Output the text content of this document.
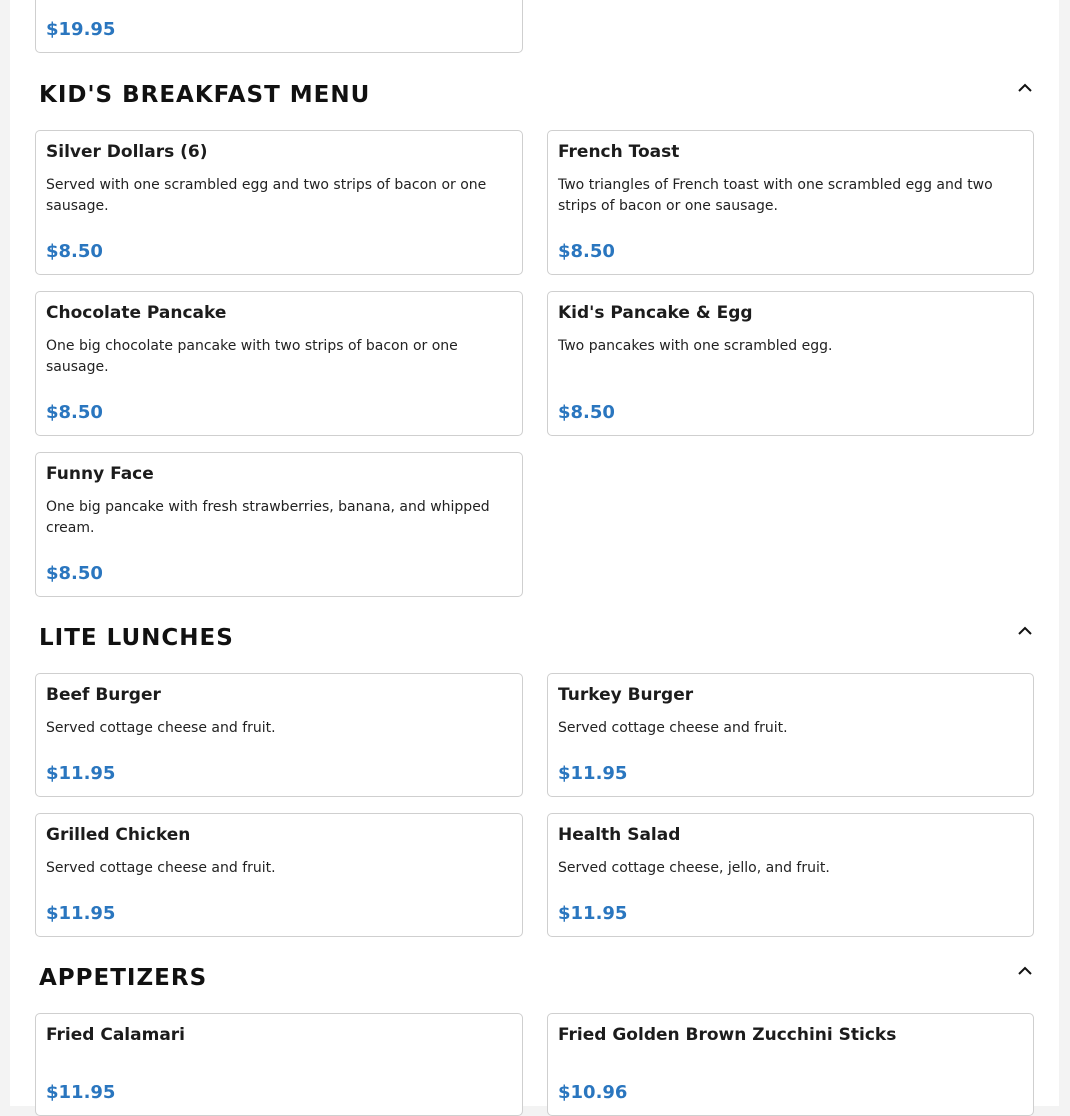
$19.95
KID'S BREAKFAST MENU
Silver Dollars (6)
Served with one scrambled egg and two strips of bacon or one sausage.
$8.50
French Toast
Two triangles of French toast with one scrambled egg and two strips of bacon or one sausage.
$8.50
Chocolate Pancake
One big chocolate pancake with two strips of bacon or one sausage.
$8.50
Kid's Pancake & Egg
Two pancakes with one scrambled egg.
$8.50
Funny Face
One big pancake with fresh strawberries, banana, and whipped cream.
$8.50
LITE LUNCHES
Beef Burger
Served cottage cheese and fruit.
$11.95
Turkey Burger
Served cottage cheese and fruit.
$11.95
Grilled Chicken
Served cottage cheese and fruit.
$11.95
Health Salad
Served cottage cheese, jello, and fruit.
$11.95
APPETIZERS
Fried Calamari
$11.95
Fried Golden Brown Zucchini Sticks
$10.96
